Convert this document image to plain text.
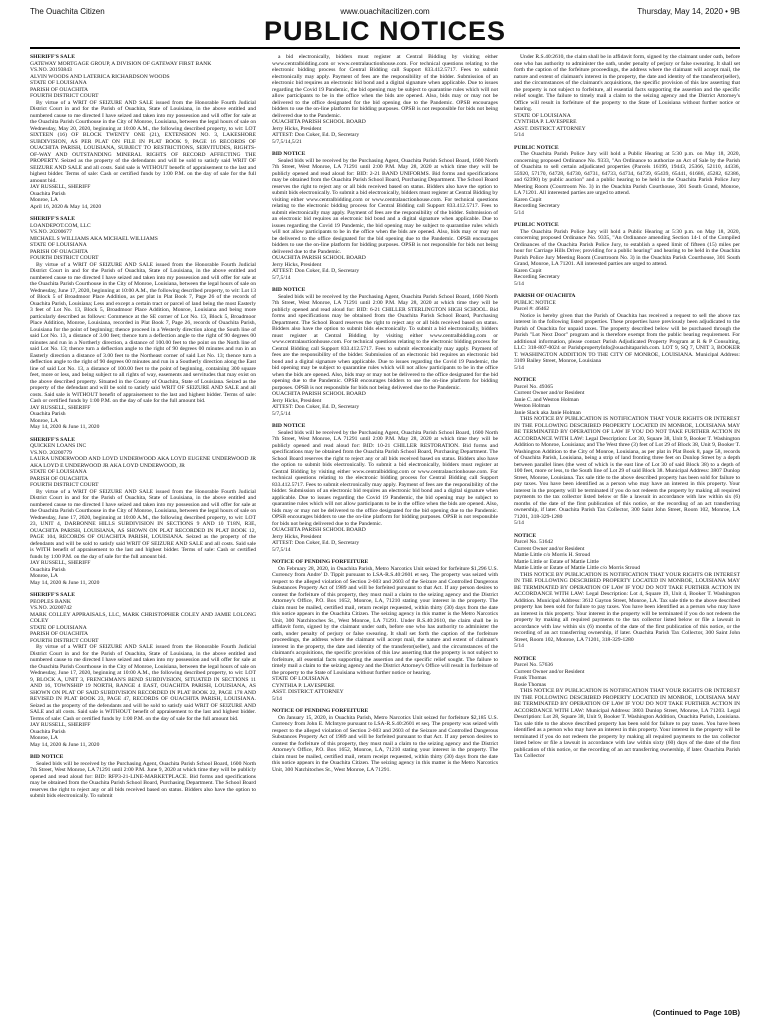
The Ouachita Citizen	www.ouachitacitizen.com	Thursday, May 14, 2020 • 9B
PUBLIC NOTICES
SHERIFF'S SALE
GATEWAY MORTGAGE GROUP, A DIVISION OF GATEWAY FIRST BANK
VS.NO. 20193843
ALVIN WOODS AND LATERICA RICHARDSON WOODS
STATE OF LOUISIANA
PARISH OF OUACHITA
FOURTH DISTRICT COURT
By virtue of a WRIT OF SEIZURE AND SALE issued from the Honorable Fourth Judicial District Court in and for the Parish of Ouachita, State of Louisiana, in the above entitled and numbered cause to me directed I have seized and taken into my possession and will offer for sale at the Ouachita Parish Courthouse in the City of Monroe, Louisiana, between the legal hours of sale on Wednesday, May 20, 2020, beginning at 10:00 A.M., the following described property, to wit: LOT SIXTEEN (16) OF BLOCK TWENTY ONE (21), EXTENSION NO. 3, LAKESHORE SUBDIVISION, AS PER PLAT ON FILE IN PLAT BOOK 9, PAGE 16 RECORDS OF OUACHITA PARISH, LOUISIANA, SUBJECT TO RESTRICTIONS, SERVITUDES, RIGHTS-OF-WAY AND OUTSTANDING MINERAL RIGHTS OF RECORD AFFECTING THE PROPERTY. Seized as the property of the defendants and will be sold to satisfy said WRIT OF SEIZURE AND SALE and all costs. Said sale is WITHOUT benefit of appraisement to the last and highest bidder. Terms of sale: Cash or certified funds by 1:00 P.M. on the day of sale for the full amount bid.
JAY RUSSELL, SHERIFF
Ouachita Parish
Monroe, LA
April 16, 2020 & May 14, 2020
SHERIFF'S SALE
LOANDEPOT.COM, LLC
VS.NO. 20200677
MICHAEL S WILLIAMS AKA MICHAEL WILLIAMS
STATE OF LOUISIANA
PARISH OF OUACHITA
FOURTH DISTRICT COURT
By virtue of a WRIT OF SEIZURE AND SALE issued from the Honorable Fourth Judicial District Court in and for the Parish of Ouachita, State of Louisiana, in the above entitled and numbered cause to me directed I have seized and taken into my possession and will offer for sale at the Ouachita Parish Courthouse in the City of Monroe, Louisiana, between the legal hours of sale on Wednesday, June 17, 2020, beginning at 10:00 A.M., the following described property, to wit: Lot 13 of Block 5 of Broadmoor Place Addition, as per plat in Plat Book 7, Page 26 of the records of Ouachita Parish, Louisiana; Less and except a certain tract or parcel of land being the most Easterly 3 feet of Lot No. 13, Block 5, Broadmoor Place Addition, Monroe, Louisiana and being more particularly described as follows: Commence at the SE corner of Lot No. 13, Block 5, Broadmoor Place Addition, Monroe, Louisiana, recorded in Plat Book 7, Page 26, records of Ouachita Parish, Louisiana for the point of beginning; thence proceed in a Westerly direction along the South line of said Lot No. 13, a distance of 3.00 feet; thence turn a deflection angle to the right of 90 degrees 00 minutes and run in a Northerly direction, a distance of 100.00 feet to the point on the North line of said Lot No. 13; thence turn a deflection angle to the right of 90 degrees 00 minutes and run in an Easterly direction a distance of 3.00 feet to the Northeast corner of said Lot No. 13; thence turn a deflection angle to the right of 90 degrees 00 minutes and run in a Southerly direction along the East line of said Lot No. 13, a distance of 100.00 feet to the point of beginning, containing 300 square feet, more or less, and being subject to all rights of way, easements and servitudes that may exist on the above described property. Situated in the County of Ouachita, State of Louisiana. Seized as the property of the defendant and will be sold to satisfy said WRIT OF SEIZURE AND SALE and all costs. Said sale is WITHOUT benefit of appraisement to the last and highest bidder. Terms of sale: Cash or certified funds by 1:00 P.M. on the day of sale for the full amount bid.
JAY RUSSELL, SHERIFF
Ouachita Parish
Monroe, LA
May 14, 2020 & June 11, 2020
SHERIFF'S SALE
QUICKEN LOANS INC
VS.NO. 20200779
LAURA UNDERWOOD AND LOYD UNDERWOOD AKA LOYD EUGENE UNDERWOOD JR AKA LOYD E UNDERWOOD JR AKA LOYD UNDERWOOD, JR
STATE OF LOUISIANA
PARISH OF OUACHITA
FOURTH DISTRICT COURT
By virtue of a WRIT OF SEIZURE AND SALE issued from the Honorable Fourth Judicial District Court in and for the Parish of Ouachita, State of Louisiana, in the above entitled and numbered cause to me directed I have seized and taken into my possession and will offer for sale at the Ouachita Parish Courthouse in the City of Monroe, Louisiana, between the legal hours of sale on Wednesday, June 17, 2020, beginning at 10:00 A.M., the following described property, to wit: LOT 23, UNIT 4, DARBONNE HILLS SUBDIVISION IN SECTIONS 9 AND 10 T18N, R3E, OUACHITA PARISH, LOUISIANA, AS SHOWN ON PLAT RECORDED IN PLAT BOOK 12, PAGE 104, RECORDS OF OUACHITA PARISH, LOUISIANA. Seized as the property of the defendants and will be sold to satisfy said WRIT OF SEIZURE AND SALE and all costs. Said sale is WITH benefit of appraisement to the last and highest bidder. Terms of sale: Cash or certified funds by 1:00 P.M. on the day of sale for the full amount bid.
JAY RUSSELL, SHERIFF
Ouachita Parish
Monroe, LA
May 14, 2020 & June 11, 2020
SHERIFF'S SALE
PEOPLES BANK
VS.NO. 20200742
MARK COLLEY APPRAISALS, LLC, MARK CHRISTOPHER COLEY AND JAMIE LOLONG COLEY
STATE OF LOUISIANA
PARISH OF OUACHITA
FOURTH DISTRICT COURT
By virtue of a WRIT OF SEIZURE AND SALE issued from the Honorable Fourth Judicial District Court in and for the Parish of Ouachita, State of Louisiana, in the above entitled and numbered cause to me directed I have seized and taken into my possession and will offer for sale at the Ouachita Parish Courthouse in the City of Monroe, Louisiana, between the legal hours of sale on Wednesday, June 17, 2020, beginning at 10:00 A.M., the following described property, to wit: LOT 9, BLOCK A, UNIT 3, FRENCHMAN'S BEND SUBDIVISION, SITUATED IN SECTIONS 11 AND 16, TOWNSHIP 19 NORTH, RANGE 4 EAST, OUACHITA PARISH, LOUISIANA, AS SHOWN ON PLAT OF SAID SUBDIVISION RECORDED IN PLAT BOOK 22, PAGE 178 AND REVISED IN PLAT BOOK 23, PAGE 47, RECORDS OF OUACHITA PARISH, LOUISIANA. Seized as the property of the defendants and will be sold to satisfy said WRIT OF SEIZURE AND SALE and all costs. Said sale is WITHOUT benefit of appraisement to the last and highest bidder. Terms of sale: Cash or certified funds by 1:00 P.M. on the day of sale for the full amount bid.
JAY RUSSELL, SHERIFF
Ouachita Parish
Monroe, LA
May 14, 2020 & June 11, 2020
BID NOTICE
Sealed bids will be received by the Purchasing Agent, Ouachita Parish School Board, 1600 North 7th Street, West Monroe, LA 71291 until 2:00 P.M. June 9, 2020 at which time they will be publicly opened and read aloud for: BID: RFP3-21-LINE-MARKETPLACE. Bid forms and specifications may be obtained from the Ouachita Parish School Board, Purchasing Department. The School Board reserves the right to reject any or all bids received based on status. Bidders also have the option to submit bids electronically. To submit
a bid electronically, bidders must register at Central Bidding by visiting either www.centralbidding.com or www.centralauctionhouse.com. For technical questions relating to the electronic bidding process for Central Bidding call Support 833.412.5717. Fees to submit electronically may apply. Payment of fees are the responsibility of the bidder. Submission of an electronic bid requires an electronic bid bond and a digital signature when applicable. Due to issues regarding the Covid 19 Pandemic, the bid opening may be subject to quarantine rules which will not allow participants to be in the office when the bids are opened. Also, bids may or may not be delivered to the office designated for the bid opening due to the Pandemic. OPSB encourages bidders to use the on-line platform for bidding purposes. OPSB is not responsible for bids not being delivered due to the Pandemic.
OUACHITA PARISH SCHOOL BOARD
Jerry Hicks, President
ATTEST: Don Coker, Ed. D, Secretary
5/7,5/14,5/21
BID NOTICE
Sealed bids will be received by the Purchasing Agent, Ouachita Parish School Board, 1600 North 7th Street, West Monroe, LA 71291 until 2:00 P.M. May 28, 2020 at which time they will be publicly opened and read aloud for: BID: 2-21 BAND UNIFORMS. Bid forms and specifications may be obtained from the Ouachita Parish School Board, Purchasing Department. The School Board reserves the right to reject any or all bids received based on status. Bidders also have the option to submit bids electronically. To submit a bid electronically, bidders must register at Central Bidding by visiting either www.centralbidding.com or www.centralauctionhouse.com. For technical questions relating to the electronic bidding process for Central Bidding call Support 833.412.5717. Fees to submit electronically may apply. Payment of fees are the responsibility of the bidder. Submission of an electronic bid requires an electronic bid bond and a digital signature when applicable. Due to issues regarding the Covid 19 Pandemic, the bid opening may be subject to quarantine rules which will not allow participants to be in the office when the bids are opened. Also, bids may or may not be delivered to the office designated for the bid opening due to the Pandemic. OPSB encourages bidders to use the on-line platform for bidding purposes. OPSB is not responsible for bids not being delivered due to the Pandemic.
OUACHITA PARISH SCHOOL BOARD
Jerry Hicks, President
ATTEST: Don Coker, Ed. D, Secretary
5/7,5/14
BID NOTICE
Sealed bids will be received by the Purchasing Agent, Ouachita Parish School Board, 1600 North 7th Street, West Monroe, LA 71291 until 2:00 P.M. May 28, 2020 at which time they will be publicly opened and read aloud for: BID: 6-21 CHILLER STERLINGTON HIGH SCHOOL. Bid forms and specifications may be obtained from the Ouachita Parish School Board, Purchasing Department. The School Board reserves the right to reject any or all bids received based on status. Bidders also have the option to submit bids electronically. To submit a bid electronically, bidders must register at Central Bidding by visiting either www.centralbidding.com or www.centralauctionhouse.com. For technical questions relating to the electronic bidding process for Central Bidding call Support 833.412.5717. Fees to submit electronically may apply. Payment of fees are the responsibility of the bidder. Submission of an electronic bid requires an electronic bid bond and a digital signature when applicable. Due to issues regarding the Covid 19 Pandemic, the bid opening may be subject to quarantine rules which will not allow participants to be in the office when the bids are opened. Also, bids may or may not be delivered to the office designated for the bid opening due to the Pandemic. OPSB encourages bidders to use the on-line platform for bidding purposes. OPSB is not responsible for bids not being delivered due to the Pandemic.
OUACHITA PARISH SCHOOL BOARD
Jerry Hicks, President
ATTEST: Don Coker, Ed. D, Secretary
5/7,5/14
BID NOTICE
Sealed bids will be received by the Purchasing Agent, Ouachita Parish School Board, 1600 North 7th Street, West Monroe, LA 71291 until 2:00 P.M. May 28, 2020 at which time they will be publicly opened and read aloud for: BID: 10-21 CHILLER RESTORATION. Bid forms and specifications may be obtained from the Ouachita Parish School Board, Purchasing Department. The School Board reserves the right to reject any or all bids received based on status. Bidders also have the option to submit bids electronically. To submit a bid electronically, bidders must register at Central Bidding by visiting either www.centralbidding.com or www.centralauctionhouse.com. For technical questions relating to the electronic bidding process for Central Bidding call Support 833.412.5717. Fees to submit electronically may apply. Payment of fees are the responsibility of the bidder. Submission of an electronic bid requires an electronic bid bond and a digital signature when applicable. Due to issues regarding the Covid 19 Pandemic, the bid opening may be subject to quarantine rules which will not allow participants to be in the office when the bids are opened. Also, bids may or may not be delivered to the office designated for the bid opening due to the Pandemic. OPSB encourages bidders to use the on-line platform for bidding purposes. OPSB is not responsible for bids not being delivered due to the Pandemic.
OUACHITA PARISH SCHOOL BOARD
Jerry Hicks, President
ATTEST: Don Coker, Ed. D, Secretary
5/7,5/14
NOTICE OF PENDING FORFEITURE
On February 28, 2020, in Ouachita Parish, Metro Narcotics Unit seized for forfeiture $1,296 U.S. Currency from Andre' D. Tippit pursuant to LSA-R.S.40:2601 et seq. The property was seized with respect to the alleged violation of Section 2-603 and 2603 of the Seizure and Controlled Dangerous Substances Property Act of 1989 and will be forfeited pursuant to that Act. If any person desires to contest the forfeiture of this property, they must mail a claim to the seizing agency and the District Attorney's Office, P.O. Box 1652, Monroe, LA, 71210 stating your interest in the property. The claim must be mailed, certified mail, return receipt requested, within thirty (30) days from the date this notice appears in the Ouachita Citizen. The seizing agency in this matter is the Metro Narcotics Unit, 300 Natchitoches St., West Monroe, LA 71291. Under R.S.40:2610, the claim shall be in affidavit form, signed by the claimant under oath, before one who has authority to administer the oath, under penalty of perjury or false swearing. It shall set forth the caption of the forfeiture proceedings, the address where the claimant will accept mail, the nature and extent of claimant's interest in the property, the date and identity of the transferor(seller), and the circumstances of the claimant's acquisitions, the specific provision of this law asserting that the property is not subject to forfeiture, all essential facts supporting the assertion and the specific relief sought. The failure to timely mail a claim to the seizing agency and the District Attorney's Office will result in forfeiture of the property to the State of Louisiana without further notice or hearing.
STATE OF LOUISIANA
CYNTHIA P. LAVESPERE
ASST. DISTRICT ATTORNEY
5/14
NOTICE OF PENDING FORFEITURE
On January 15, 2020, in Ouachita Parish, Metro Narcotics Unit seized for forfeiture $2,185 U.S. Currency from John E. McIntyre pursuant to LSA-R.S.40:2601 et seq. The property was seized with respect to the alleged violation of Section 2-603 and 2603 of the Seizure and Controlled Dangerous Substances Property Act of 1989 and will be forfeited pursuant to that Act. If any person desires to contest the forfeiture of this property, they must mail a claim to the seizing agency and the District Attorney's Office, P.O. Box 1652, Monroe, LA, 71210 stating your interest in the property. The claim must be mailed, certified mail, return receipt requested, within thirty (30) days from the date this notice appears in the Ouachita Citizen. The seizing agency in this matter is the Metro Narcotics Unit, 300 Natchitoches St., West Monroe, LA 71291.
Under R.S.40:2610, the claim shall be in affidavit form, signed by the claimant under oath, before one who has authority to administer the oath, under penalty of perjury or false swearing. It shall set forth the caption of the forfeiture proceedings, the address where the claimant will accept mail, the nature and extent of claimant's interest in the property, the date and identity of the transferor(seller), and the circumstances of the claimant's acquisitions, the specific provision of this law asserting that the property is not subject to forfeiture, all essential facts supporting the assertion and the specific relief sought. The failure to timely mail a claim to the seizing agency and the District Attorney's Office will result in forfeiture of the property to the State of Louisiana without further notice or hearing.
STATE OF LOUISIANA
CYNTHIA P. LAVESPERE
ASST. DISTRICT ATTORNEY
5/14
PUBLIC NOTICE
The Ouachita Parish Police Jury will hold a Public Hearing at 5:30 p.m. on May 18, 2020, concerning proposed Ordinance No. 9333, "An Ordinance to authorize an Act of Sale by the Parish of Ouachita to sell certain adjudicated properties (Parcels 16199, 19443, 25366, 52110, 44336, 55920, 57170, 64728, 64730, 64731, 64733, 64734, 64739, 65439, 65441, 61686, 45282, 62386, and 62390) by public auction" and a public hearing to be held in the Ouachita Parish Police Jury Meeting Room (Courtroom No. 3) in the Ouachita Parish Courthouse, 301 South Grand, Monroe, LA 71201. All interested parties are urged to attend.
Karen Cupit
Recording Secretary
5/14
PUBLIC NOTICE
The Ouachita Parish Police Jury will hold a Public Hearing at 5:30 p.m. on May 18, 2020, concerning proposed Ordinance No. 9335, "An Ordinance amending Section 14-1 of the Compiled Ordinances of the Ouachita Parish Police Jury, to establish a speed limit of fifteen (15) miles per hour for Carriage Hills Drive; providing for a public hearing" and hearing to be held in the Ouachita Parish Police Jury Meeting Room (Courtroom No. 3) in the Ouachita Parish Courthouse, 301 South Grand, Monroe, LA 71201. All interested parties are urged to attend.
Karen Cupit
Recording Secretary
5/14
PARISH OF OUACHITA
PUBLIC NOTICE
Parcel #: 46462
Notice is hereby given that the Parish of Ouachita has received a request to sell the above tax interest in the following listed properties. These properties have previously been adjudicated to the Parish of Ouachita for unpaid taxes. The property described below will be purchased through the Parish "Lot Next Door" program and is therefore exempt from the public bearing requirement. For additional information, please contact Parish Adjudicated Property Program at R & P Consulting, LLC: 318-807-0024 or ParishpropertyInfo@ouachitaparish.com. LOT 9, SQ 7, UNIT 3, BOOKER T. WASHINGTON ADDITION TO THE CITY OF MONROE, LOUISIANA. Municipal Address: 3109 Bailey Street, Monroe, Louisiana
5/14
NOTICE
Parcel No. 49365
Current Owner and/or Resident
Janie C. and Weston Holman
Weston Holman
Janie Slack aka Janie Holman
THIS NOTICE BY PUBLICATION IS NOTIFICATION THAT YOUR RIGHTS OR INTEREST IN THE FOLLOWING DESCRIBED PROPERTY LOCATED IN MONROE, LOUISIANA MAY BE TERMINATED BY OPERATION OF LAW IF YOU DO NOT TAKE FURTHER ACTION IN ACCORDANCE WITH LAW: Legal Description: Lot 30, Square 38, Unit 9, Booker T. Washington Addition to Monroe, Louisiana; and The West three (3) feet of Lot 29 of Block 38, Unit 9, Booker T. Washington Addition to the City of Monroe, Louisiana, as per plat in Plat Book 8, page 58, records of Ouachita Parish, Louisiana, being a strip of land fronting three feet on Dunlop Street by a depth between parallel lines (the west of which is the east line of Lot 30 of said Block 38) to a depth of 100 feet, more or less, to the South line of Lot 29 of said Block 38. Municipal Address: 3807 Dunlop Street, Monroe, Louisiana. Tax sale title to the above described property has been sold for failure to pay taxes. You have been identified as a person who may have an interest in this property. Your interest in the property will be terminated if you do not redeem the property by making all required payments to the tax collector listed below or file a lawsuit in accordance with law within six (6) months of the date of the first publication of this notice, or the recording of an act transferring ownership, if later. Ouachita Parish Tax Collector, 300 Saint John Street, Room 102, Monroe, LA 71201, 318-329-1280
5/14
NOTICE
Parcel No. 51642
Current Owner and/or Resident
Mattie Little c/o Morris H. Stroud
Mattie Little or Estate of Mattie Little
Mattie Little or Estate of Mattie Little c/o Morris Stroud
THIS NOTICE BY PUBLICATION IS NOTIFICATION THAT YOUR RIGHTS OR INTEREST IN THE FOLLOWING DESCRIBED PROPERTY LOCATED IN MONROE, LOUISIANA MAY BE TERMINATED BY OPERATION OF LAW IF YOU DO NOT TAKE FURTHER ACTION IN ACCORDANCE WITH LAW: Legal Description: Lot 4, Square 19, Unit 4, Booker T. Washington Addition. Municipal Address: 3612 Gayton Street, Monroe, LA. Tax sale title to the above described property has been sold for failure to pay taxes. You have been identified as a person who may have an interest in this property. Your interest in the property will be terminated if you do not redeem the property by making all required payments to the tax collector listed below or file a lawsuit in accordance with law within six (6) months of the date of the first publication of this notice, or the recording of an act transferring ownership, if later. Ouachita Parish Tax Collector, 300 Saint John Street, Room 102, Monroe, LA 71201, 318-329-1280
5/14
NOTICE
Parcel No. 57636
Current Owner and/or Resident
Frank Thomas
Rosie Thomas
THIS NOTICE BY PUBLICATION IS NOTIFICATION THAT YOUR RIGHTS OR INTEREST IN THE FOLLOWING DESCRIBED PROPERTY LOCATED IN MONROE, LOUISIANA MAY BE TERMINATED BY OPERATION OF LAW IF YOU DO NOT TAKE FURTHER ACTION IN ACCORDANCE WITH LAW: Municipal Address: 3803 Dunlop Street, Monroe, LA 71203. Legal Description: Lot 28, Square 38, Unit 9, Booker T. Washington Addition, Ouachita Parish, Louisiana. Tax sale title to the above described property has been sold for failure to pay taxes. You have been identified as a person who may have an interest in this property. Your interest in the property will be terminated if you do not redeem the property by making all required payments to the tax collector listed below or file a lawsuit in accordance with law within sixty (60) days of the date of the first publication of this notice, or the recording of an act transferring ownership, if later. Ouachita Parish Tax Collector
(Continued to Page 10B)
